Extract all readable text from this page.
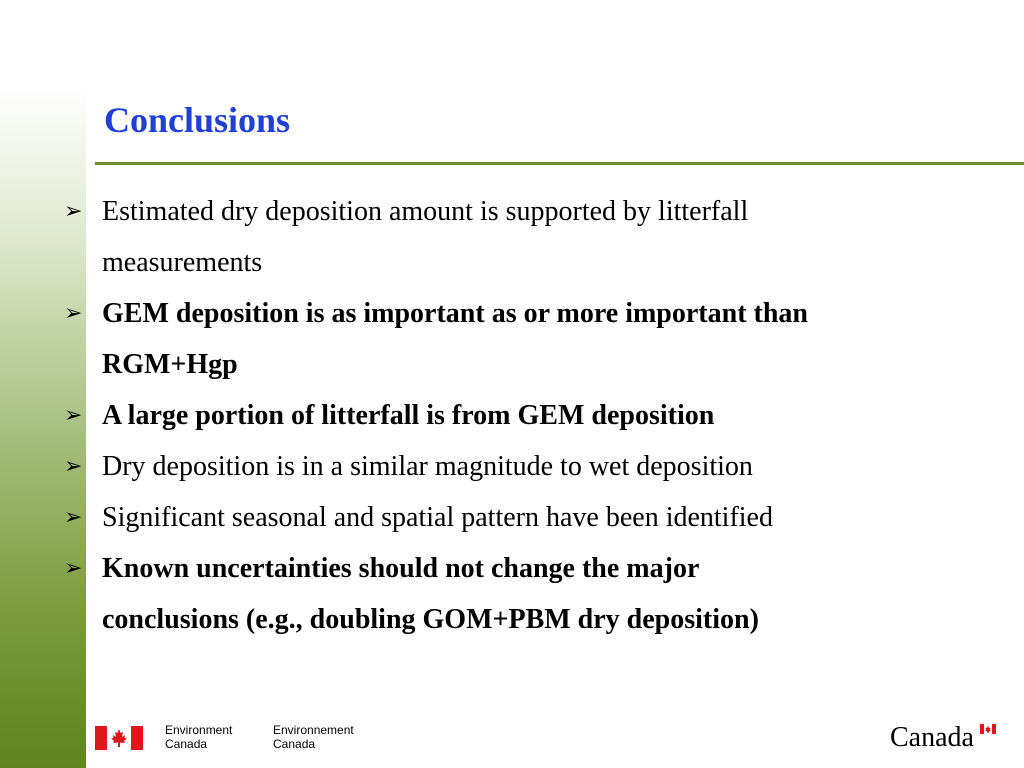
Conclusions
➢ Estimated dry deposition amount is supported by litterfall
measurements
➢ GEM deposition is as important as or more important than
RGM+Hgp
➢ A large portion of litterfall is from GEM deposition
➢ Dry deposition is in a similar magnitude to wet deposition
➢ Significant seasonal and spatial pattern have been identified
➢ Known uncertainties should not change the major
conclusions (e.g., doubling GOM+PBM dry deposition)
Environment
Canada
Environnement
Canada	Canada
